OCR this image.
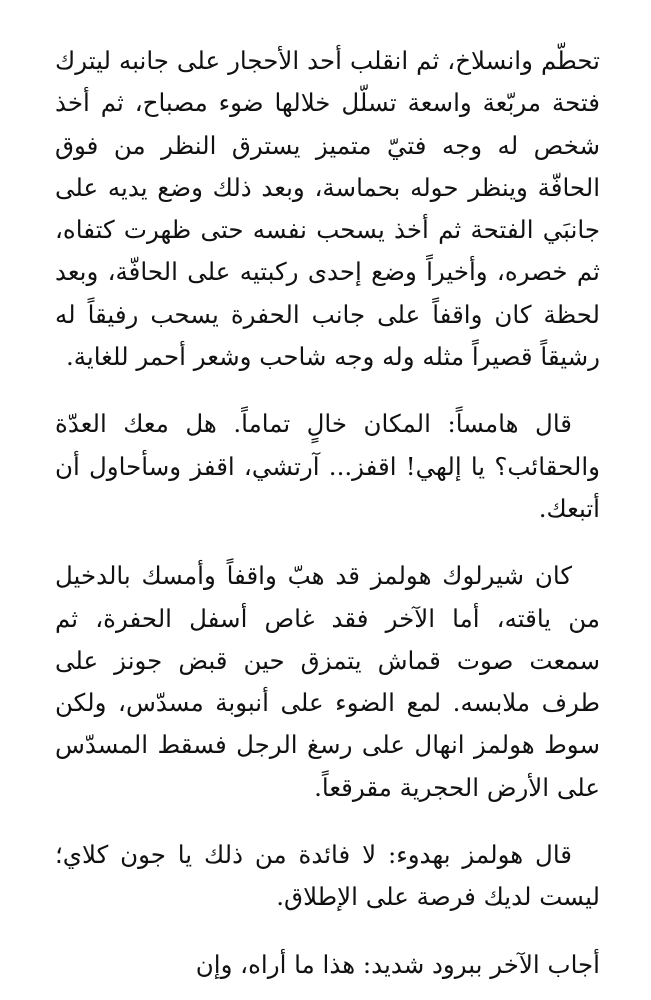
تحطّم وانسلاخ، ثم انقلب أحد الأحجار على جانبه ليترك فتحة مربّعة واسعة تسلّل خلالها ضوء مصباح، ثم أخذ شخص له وجه فتيّ متميز يسترق النظر من فوق الحافّة وينظر حوله بحماسة، وبعد ذلك وضع يديه على جانبَي الفتحة ثم أخذ يسحب نفسه حتى ظهرت كتفاه، ثم خصره، وأخيراً وضع إحدى ركبتيه على الحافّة، وبعد لحظة كان واقفاً على جانب الحفرة يسحب رفيقاً له رشيقاً قصيراً مثله وله وجه شاحب وشعر أحمر للغاية.

قال هامساً: المكان خالٍ تماماً. هل معك العدّة والحقائب؟ يا إلهي! اقفز... آرتشي، اقفز وسأحاول أن أتبعك.

كان شيرلوك هولمز قد هبّ واقفاً وأمسك بالدخيل من ياقته، أما الآخر فقد غاص أسفل الحفرة، ثم سمعت صوت قماش يتمزق حين قبض جونز على طرف ملابسه. لمع الضوء على أنبوبة مسدّس، ولكن سوط هولمز انهال على رسغ الرجل فسقط المسدّس على الأرض الحجرية مقرقعاً.

قال هولمز بهدوء: لا فائدة من ذلك يا جون كلاي؛ ليست لديك فرصة على الإطلاق.

أجاب الآخر ببرود شديد: هذا ما أراه، وإن
